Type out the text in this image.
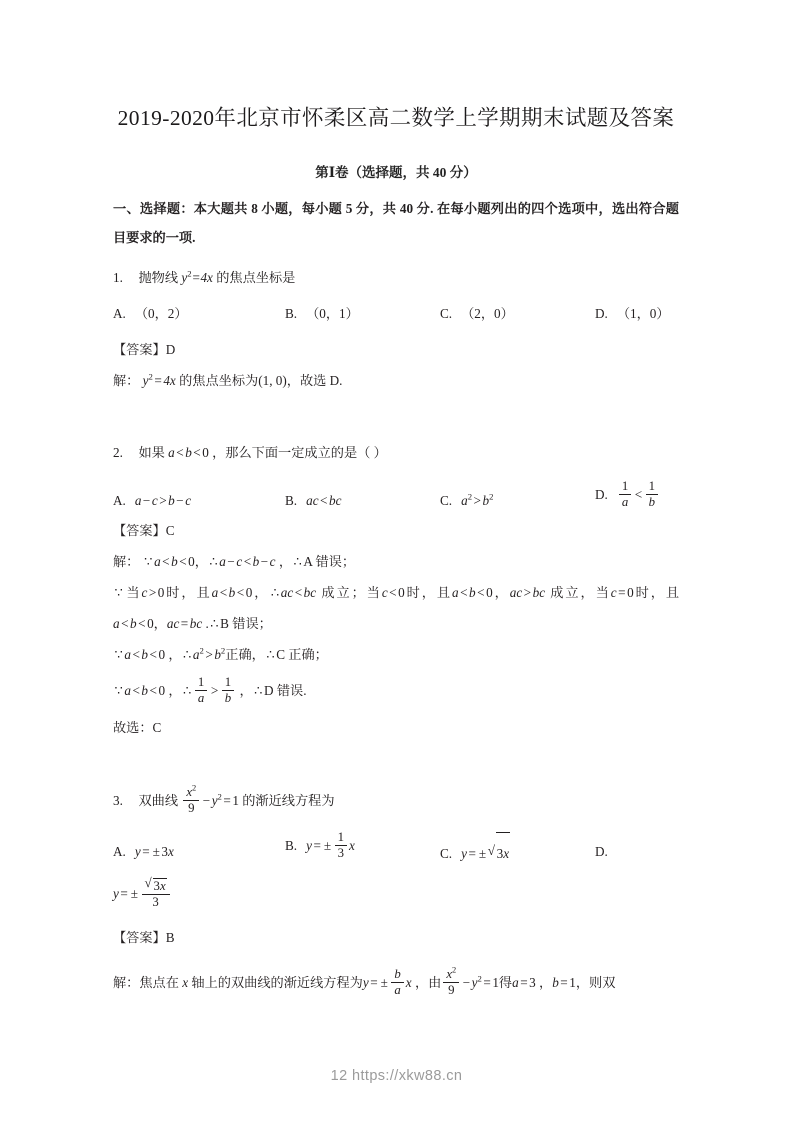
2019-2020年北京市怀柔区高二数学上学期期末试题及答案
第Ⅰ卷（选择题，共 40 分）
一、选择题：本大题共 8 小题，每小题 5 分，共 40 分. 在每小题列出的四个选项中，选出符合题目要求的一项.
1. 抛物线 $y^2=4x$ 的焦点坐标是
A. （0，2）	B. （0，1）	C. （2，0）	D. （1，0）
【答案】D
解： $y^2 = 4x$ 的焦点坐标为(1, 0)，故选 D.
2. 如果 a < b < 0 ，那么下面一定成立的是（ ）
A. a − c > b − c	B. ac < bc	C. $a^2 > b^2$	D. $\frac{1}{a} < \frac{1}{b}$
【答案】C
解： ∵ a < b < 0， ∴ a − c < b − c ， ∴ A 错误；
∵ 当c > 0时，且a < b < 0， ∴ ac < bc 成立；当c < 0时，且a < b < 0，ac > bc 成立，当c = 0时，且a < b < 0，ac = bc . ∴ B 错误；
∵ a < b < 0 ， ∴ $a^2 > b^2$正确， ∴ C 正确；
∵ a < b < 0 ， ∴ $\frac{1}{a} > \frac{1}{b}$ ， ∴ D 错误.
故选：C
3. 双曲线 $\frac{x^2}{9} - y^2 = 1$ 的渐近线方程为
A. y = ± 3x	B. y = ± $\frac{1}{3}$ x
C. y = ± √ 3x	D.
y = ± √ $\frac{3x}{3}$
【答案】B
解：焦点在 x 轴上的双曲线的渐近线方程为y = ± $\frac{b}{a}$ x ，由 $\frac{x^2}{9} - y^2 = 1$得a = 3 ，b = 1，则双
12 https://xkw88.cn
